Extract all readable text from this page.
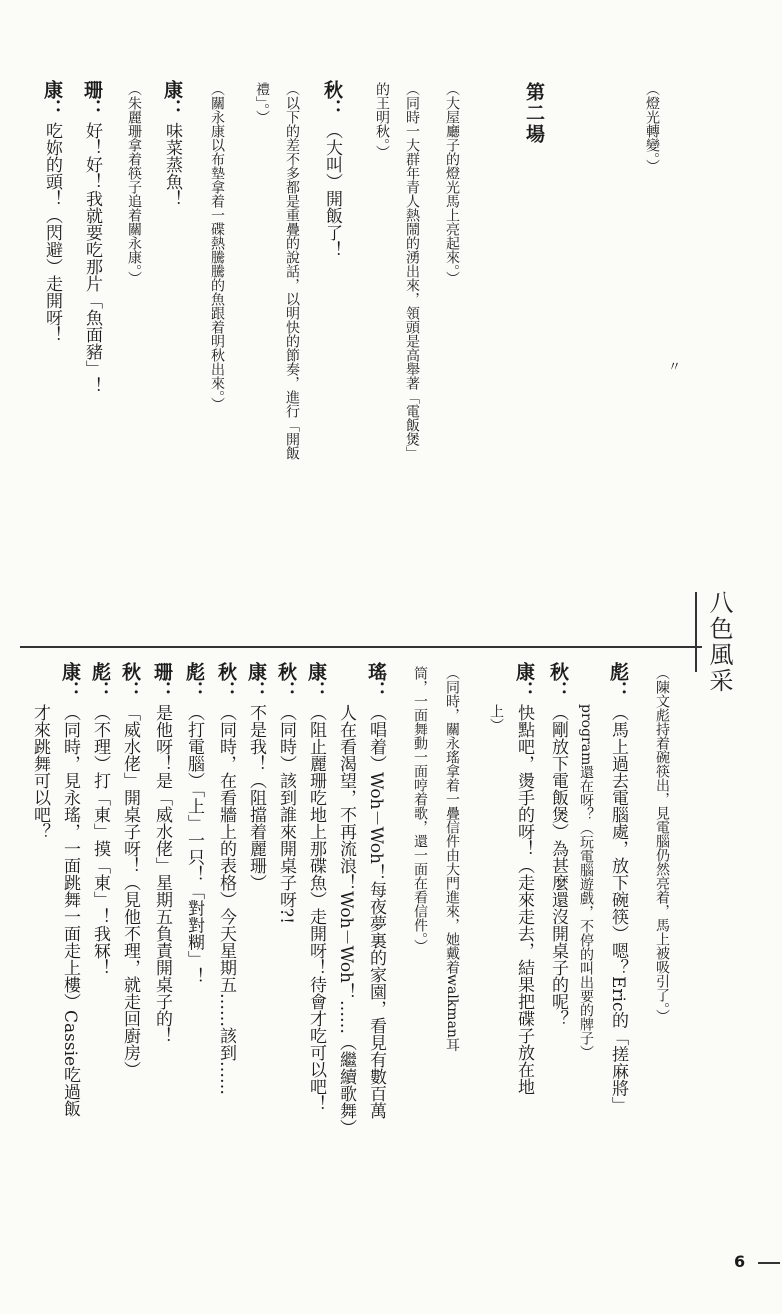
（燈光轉變。）
第二場
（大屋廳子的燈光馬上亮起來。）
（同時一大群年青人熱鬧的湧出來，領頭是高舉著「電飯煲」
的王明秋。）
秋：（大叫）開飯了！
（以下的差不多都是重疊的說話，以明快的節奏，進行「開飯
禮」。）
（關永康以布墊拿着一碟熱騰騰的魚跟着明秋出來。）
康：味菜蒸魚！
（朱麗珊拿着筷子追着關永康。）
珊：好！好！我就要吃那片「魚面豬」！
康：吃妳的頭！（閃避）走開呀！
〃
八色風采
（陳文彪持着碗筷出，見電腦仍然亮着，馬上被吸引了。）
彪：（馬上過去電腦處，放下碗筷）嗯？Eric的「搓麻將」
program還在呀？（玩電腦遊戲，不停的叫出要的牌子）
秋：（剛放下電飯煲）為甚麼還沒開桌子的呢？
康：快點吧，燙手的呀！（走來走去，結果把碟子放在地
上）
（同時，關永瑤拿着一疊信件由大門進來，她戴着walkman耳
筒，一面舞動一面哼着歌，還一面在看信件。）
瑤：（唱着）Woh－Woh！每夜夢裏的家園，看見有數百萬
人在看渴望，不再流浪！Woh－Woh！……（繼續歌舞）
康：（阻止麗珊吃地上那碟魚）走開呀！待會才吃可以吧！
秋：（同時）該到誰來開桌子呀?!
康：不是我！（阻擋着麗珊）
秋：（同時，在看牆上的表格）今天星期五……該到……
彪：（打電腦）「上」一只！「對對糊」！
珊：是他呀！是「威水佬」星期五負責開桌子的！
秋：「威水佬」開桌子呀！（見他不理，就走回廚房）
彪：（不理）打「東」摸「東」！我冧！
康：（同時，見永瑤，一面跳舞一面走上樓）Cassie吃過飯
才來跳舞可以吧？
6
